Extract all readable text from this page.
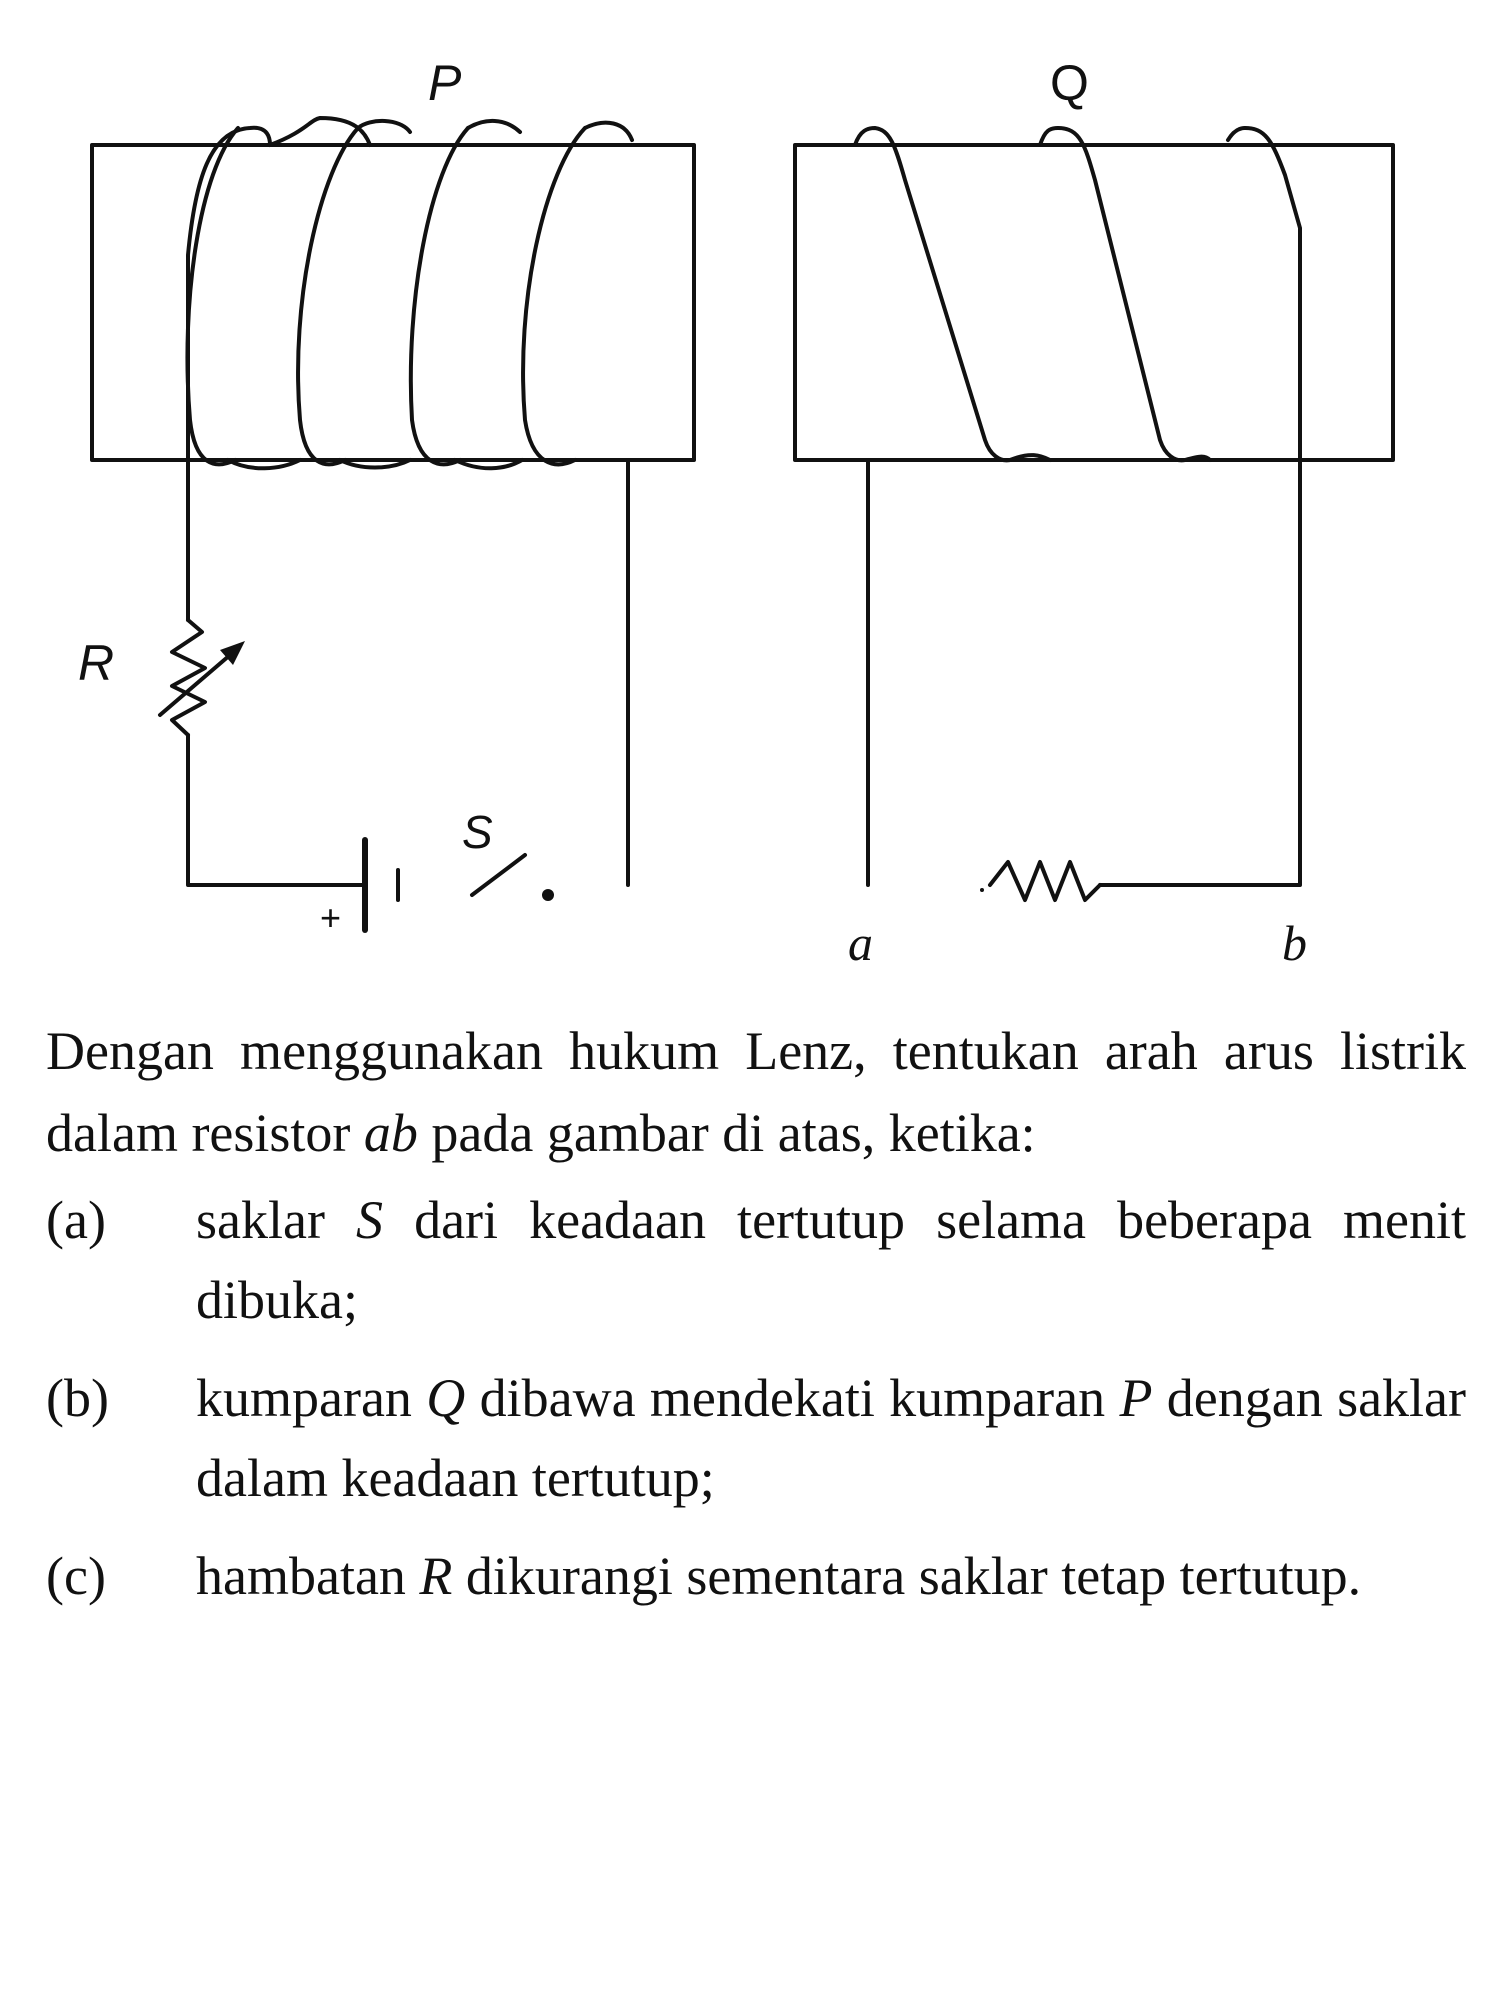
P	Q
R
S
+	a	b

Dengan menggunakan hukum Lenz, tentukan arah arus listrik dalam resistor ab pada gambar di atas, ketika:

(a) saklar S dari keadaan tertutup selama beberapa menit dibuka;
(b) kumparan Q dibawa mendekati kumparan P dengan saklar dalam keadaan tertutup;
(c) hambatan R dikurangi sementara saklar tetap tertutup.
